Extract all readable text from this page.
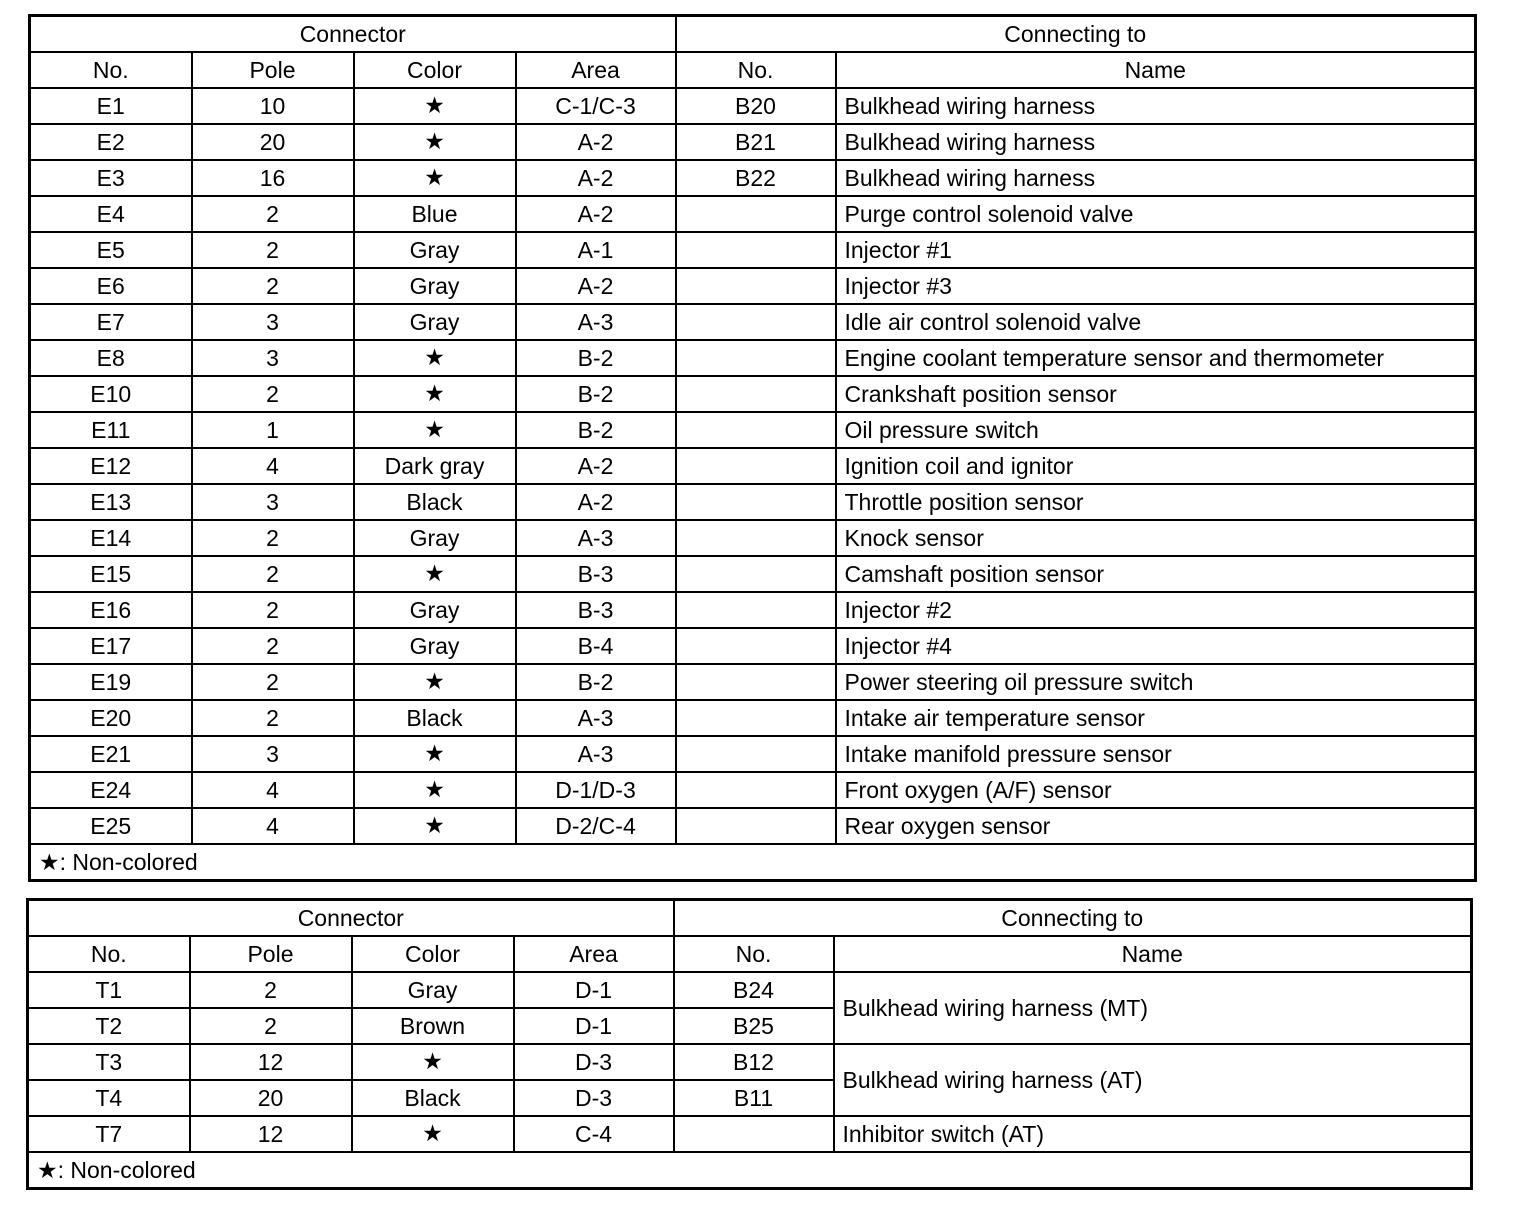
Connector				Connecting to	
No.	Pole	Color	Area	No.	Name
E1	10	★	C-1/C-3	B20	Bulkhead wiring harness
E2	20	★	A-2	B21	Bulkhead wiring harness
E3	16	★	A-2	B22	Bulkhead wiring harness
E4	2	Blue	A-2		Purge control solenoid valve
E5	2	Gray	A-1		Injector #1
E6	2	Gray	A-2		Injector #3
E7	3	Gray	A-3		Idle air control solenoid valve
E8	3	★	B-2		Engine coolant temperature sensor and thermometer
E10	2	★	B-2		Crankshaft position sensor
E11	1	★	B-2		Oil pressure switch
E12	4	Dark gray	A-2		Ignition coil and ignitor
E13	3	Black	A-2		Throttle position sensor
E14	2	Gray	A-3		Knock sensor
E15	2	★	B-3		Camshaft position sensor
E16	2	Gray	B-3		Injector #2
E17	2	Gray	B-4		Injector #4
E19	2	★	B-2		Power steering oil pressure switch
E20	2	Black	A-3		Intake air temperature sensor
E21	3	★	A-3		Intake manifold pressure sensor
E24	4	★	D-1/D-3		Front oxygen (A/F) sensor
E25	4	★	D-2/C-4		Rear oxygen sensor
★: Non-colored					
Connector				Connecting to	
No.	Pole	Color	Area	No.	Name
T1	2	Gray	D-1	B24	Bulkhead wiring harness (MT)
T2	2	Brown	D-1	B25	
T3	12	★	D-3	B12	Bulkhead wiring harness (AT)
T4	20	Black	D-3	B11	
T7	12	★	C-4		Inhibitor switch (AT)
★: Non-colored					
